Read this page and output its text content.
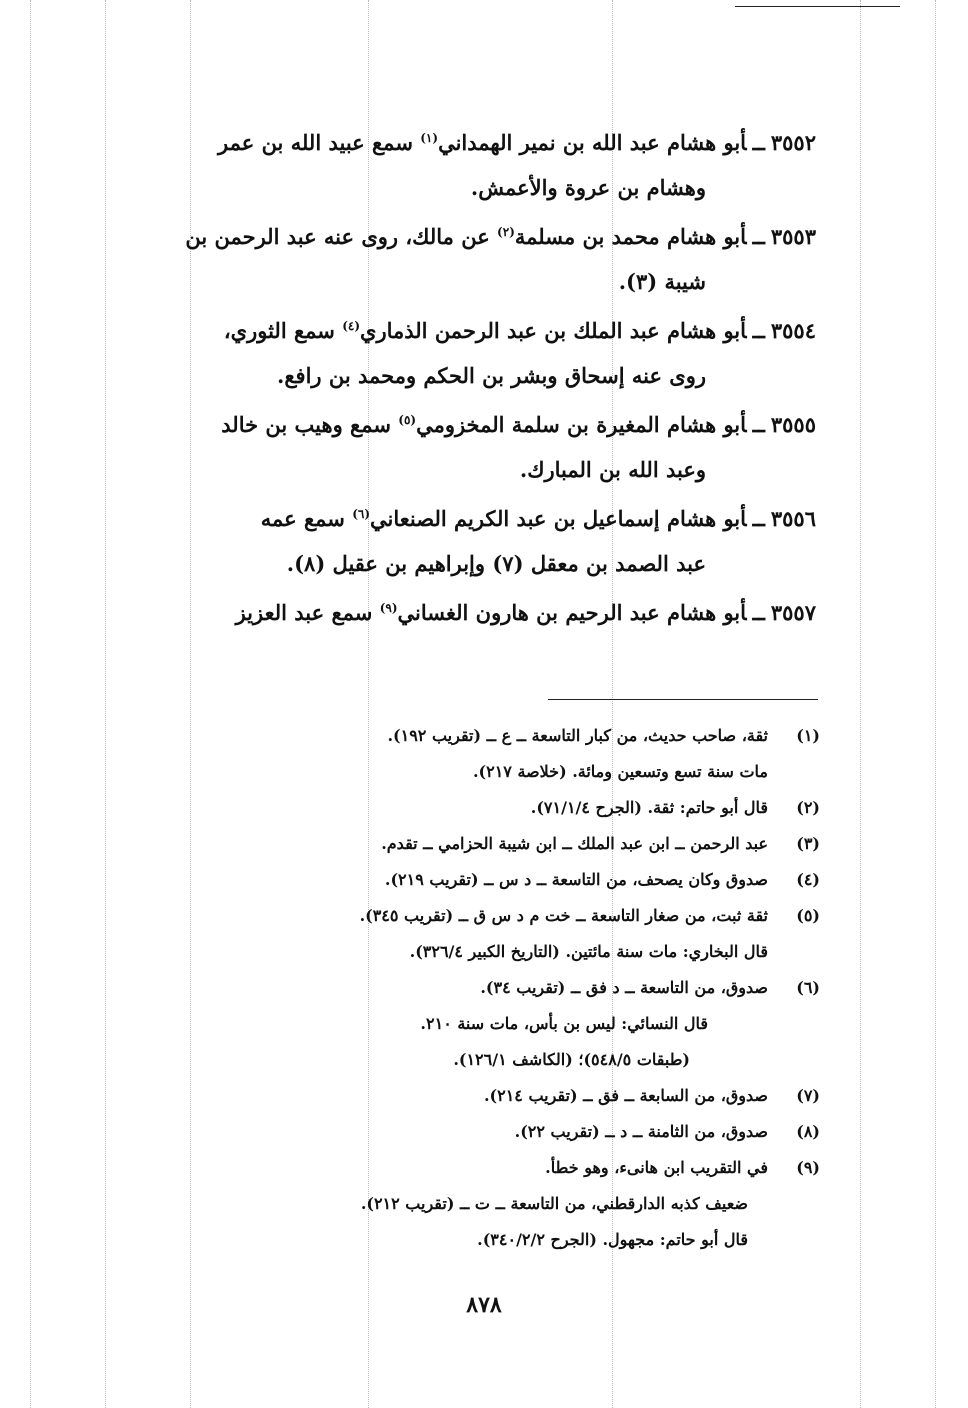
٣٥٥٢ــأبو هشام عبد الله بن نمير الهمداني$^{(١)}$ سمع عبيد الله بن عمر
وهشام بن عروة والأعمش.
٣٥٥٣ــأبو هشام محمد بن مسلمة$^{(٢)}$ عن مالك، روى عنه عبد الرحمن بن
شيبة (٣).
٣٥٥٤ــأبو هشام عبد الملك بن عبد الرحمن الذماري$^{(٤)}$ سمع الثوري،
روى عنه إسحاق وبشر بن الحكم ومحمد بن رافع.
٣٥٥٥ــأبو هشام المغيرة بن سلمة المخزومي$^{(٥)}$ سمع وهيب بن خالد
وعبد الله بن المبارك.
٣٥٥٦ــأبو هشام إسماعيل بن عبد الكريم الصنعاني$^{(٦)}$ سمع عمه
عبد الصمد بن معقل (٧) وإبراهيم بن عقيل (٨).
٣٥٥٧ــأبو هشام عبد الرحيم بن هارون الغساني$^{(٩)}$ سمع عبد العزيز
(١)ثقة، صاحب حديث، من كبار التاسعة ــ ع ــ (تقريب ١٩٢).
مات سنة تسع وتسعين ومائة. (خلاصة ٢١٧).
(٢)قال أبو حاتم: ثقة. (الجرح ٧١/١/٤).
(٣)عبد الرحمن ــ ابن عبد الملك ــ ابن شيبة الحزامي ــ تقدم.
(٤)صدوق وكان يصحف، من التاسعة ــ د س ــ (تقريب ٢١٩).
(٥)ثقة ثبت، من صغار التاسعة ــ خت م د س ق ــ (تقريب ٣٤٥).
قال البخاري: مات سنة مائتين. (التاريخ الكبير ٣٢٦/٤).
(٦)صدوق، من التاسعة ــ د فق ــ (تقريب ٣٤).
قال النسائي: ليس بن بأس، مات سنة ٢١٠.
(طبقات ٥٤٨/٥)؛ (الكاشف ١٢٦/١).
(٧)صدوق، من السابعة ــ فق ــ (تقريب ٢١٤).
(٨)صدوق، من الثامنة ــ د ــ (تقريب ٢٢).
(٩)في التقريب ابن هانىء، وهو خطأ.
ضعيف كذبه الدارقطني، من التاسعة ــ ت ــ (تقريب ٢١٢).
قال أبو حاتم: مجهول. (الجرح ٣٤٠/٢/٢).
٨٧٨
